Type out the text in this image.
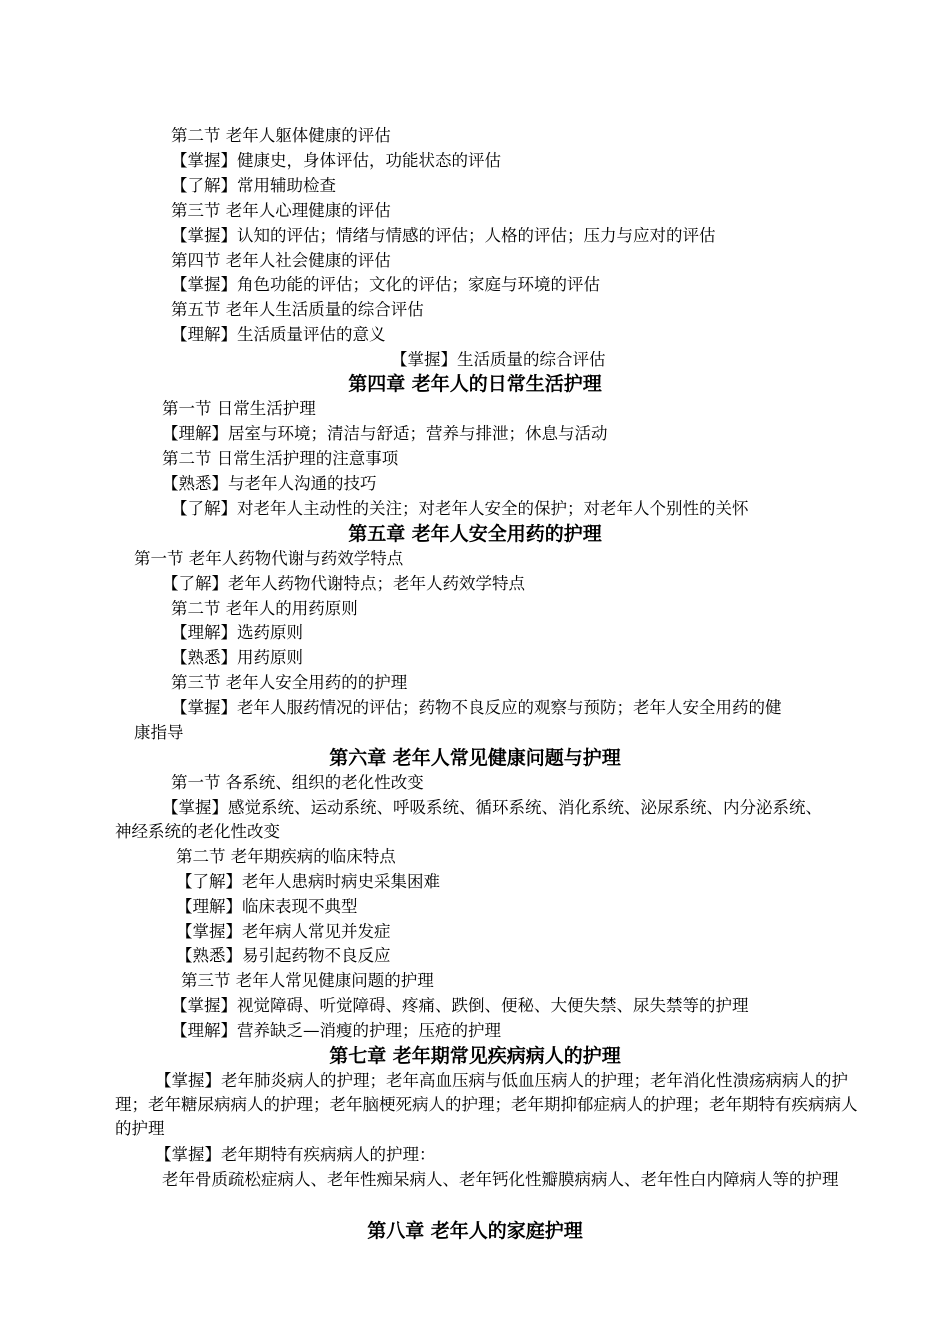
第二节 老年人躯体健康的评估
【掌握】健康史，身体评估，功能状态的评估
【了解】常用辅助检查
第三节 老年人心理健康的评估
【掌握】认知的评估；情绪与情感的评估；人格的评估；压力与应对的评估
第四节 老年人社会健康的评估
【掌握】角色功能的评估；文化的评估；家庭与环境的评估
第五节 老年人生活质量的综合评估
【理解】生活质量评估的意义
【掌握】生活质量的综合评估
第四章 老年人的日常生活护理
第一节 日常生活护理
【理解】居室与环境；清洁与舒适；营养与排泄；休息与活动
第二节 日常生活护理的注意事项
【熟悉】与老年人沟通的技巧
【了解】对老年人主动性的关注；对老年人安全的保护；对老年人个别性的关怀
第五章 老年人安全用药的护理
第一节 老年人药物代谢与药效学特点
【了解】老年人药物代谢特点；老年人药效学特点
第二节 老年人的用药原则
【理解】选药原则
【熟悉】用药原则
第三节 老年人安全用药的的护理
【掌握】老年人服药情况的评估；药物不良反应的观察与预防；老年人安全用药的健
康指导
第六章 老年人常见健康问题与护理
第一节 各系统、组织的老化性改变
【掌握】感觉系统、运动系统、呼吸系统、循环系统、消化系统、泌尿系统、内分泌系统、
神经系统的老化性改变
第二节 老年期疾病的临床特点
【了解】老年人患病时病史采集困难
【理解】临床表现不典型
【掌握】老年病人常见并发症
【熟悉】易引起药物不良反应
第三节 老年人常见健康问题的护理
【掌握】视觉障碍、听觉障碍、疼痛、跌倒、便秘、大便失禁、尿失禁等的护理
【理解】营养缺乏—消瘦的护理；压疮的护理
第七章 老年期常见疾病病人的护理
【掌握】老年肺炎病人的护理；老年高血压病与低血压病人的护理；老年消化性溃疡病病人的护理；老年糖尿病病人的护理；老年脑梗死病人的护理；老年期抑郁症病人的护理；老年期特有疾病病人的护理
【掌握】老年期特有疾病病人的护理：
老年骨质疏松症病人、老年性痴呆病人、老年钙化性瓣膜病病人、老年性白内障病人等的护理
第八章 老年人的家庭护理
